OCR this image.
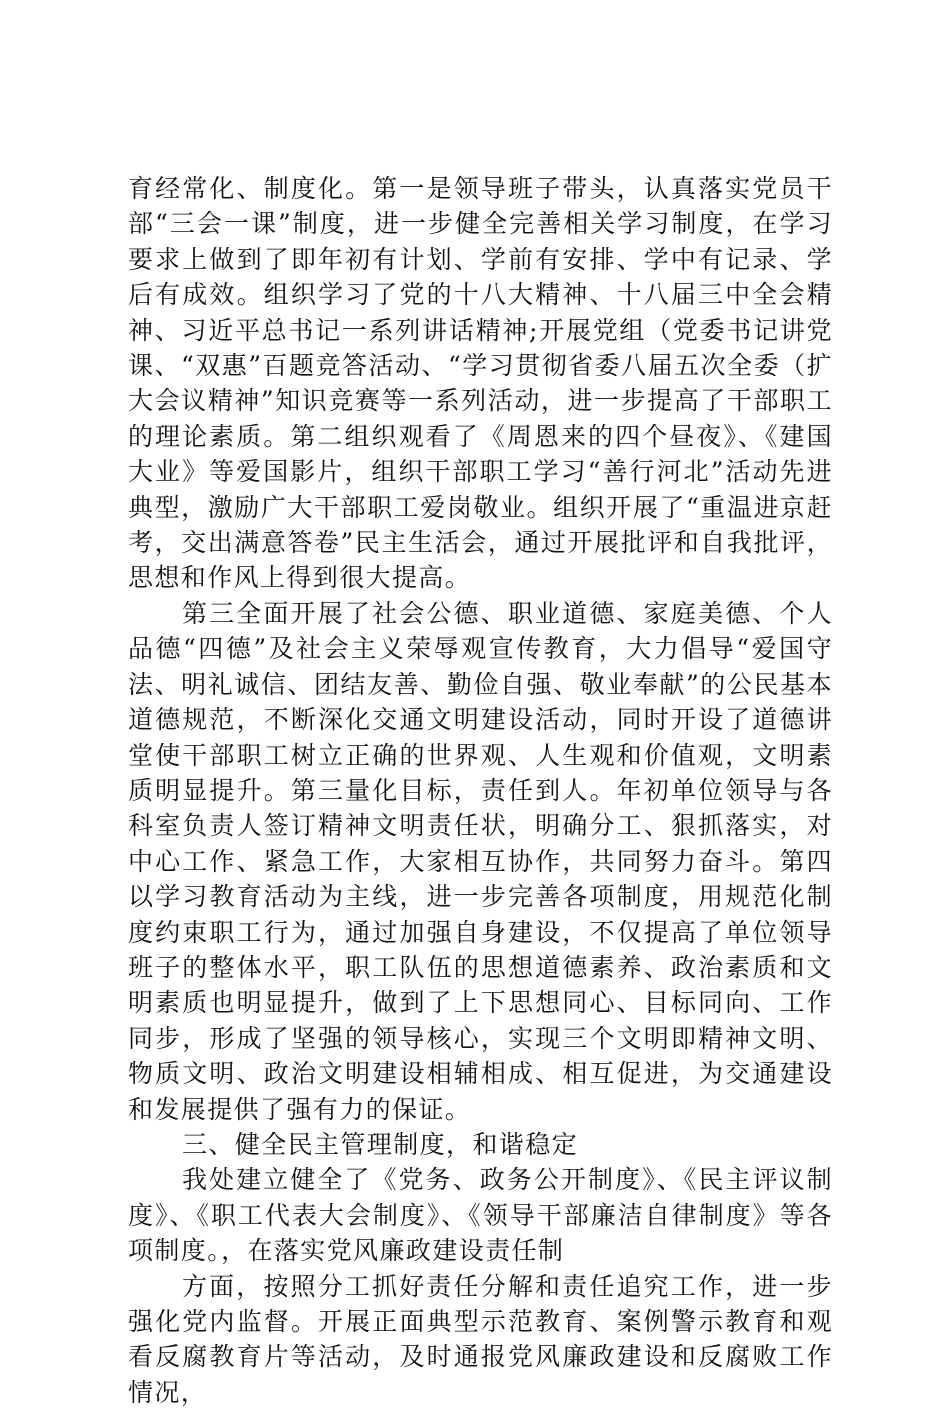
育经常化、制度化。第一是领导班子带头，认真落实党员干部“三会一课”制度，进一步健全完善相关学习制度，在学习要求上做到了即年初有计划、学前有安排、学中有记录、学后有成效。组织学习了党的十八大精神、十八届三中全会精神、习近平总书记一系列讲话精神;开展党组（党委书记讲党课、“双惠”百题竞答活动、“学习贯彻省委八届五次全委（扩大会议精神”知识竞赛等一系列活动，进一步提高了干部职工的理论素质。第二组织观看了《周恩来的四个昼夜》、《建国大业》等爱国影片，组织干部职工学习“善行河北”活动先进典型，激励广大干部职工爱岗敬业。组织开展了“重温进京赶考，交出满意答卷”民主生活会，通过开展批评和自我批评，思想和作风上得到很大提高。

第三全面开展了社会公德、职业道德、家庭美德、个人品德“四德”及社会主义荣辱观宣传教育，大力倡导“爱国守法、明礼诚信、团结友善、勤俭自强、敬业奉献”的公民基本道德规范，不断深化交通文明建设活动，同时开设了道德讲堂使干部职工树立正确的世界观、人生观和价值观，文明素质明显提升。第三量化目标，责任到人。年初单位领导与各科室负责人签订精神文明责任状，明确分工、狠抓落实，对中心工作、紧急工作，大家相互协作，共同努力奋斗。第四以学习教育活动为主线，进一步完善各项制度，用规范化制度约束职工行为，通过加强自身建设，不仅提高了单位领导班子的整体水平，职工队伍的思想道德素养、政治素质和文明素质也明显提升，做到了上下思想同心、目标同向、工作同步，形成了坚强的领导核心，实现三个文明即精神文明、物质文明、政治文明建设相辅相成、相互促进，为交通建设和发展提供了强有力的保证。

三、健全民主管理制度，和谐稳定

我处建立健全了《党务、政务公开制度》、《民主评议制度》、《职工代表大会制度》、《领导干部廉洁自律制度》等各项制度。，在落实党风廉政建设责任制

方面，按照分工抓好责任分解和责任追究工作，进一步强化党内监督。开展正面典型示范教育、案例警示教育和观看反腐教育片等活动，及时通报党风廉政建设和反腐败工作情况，
